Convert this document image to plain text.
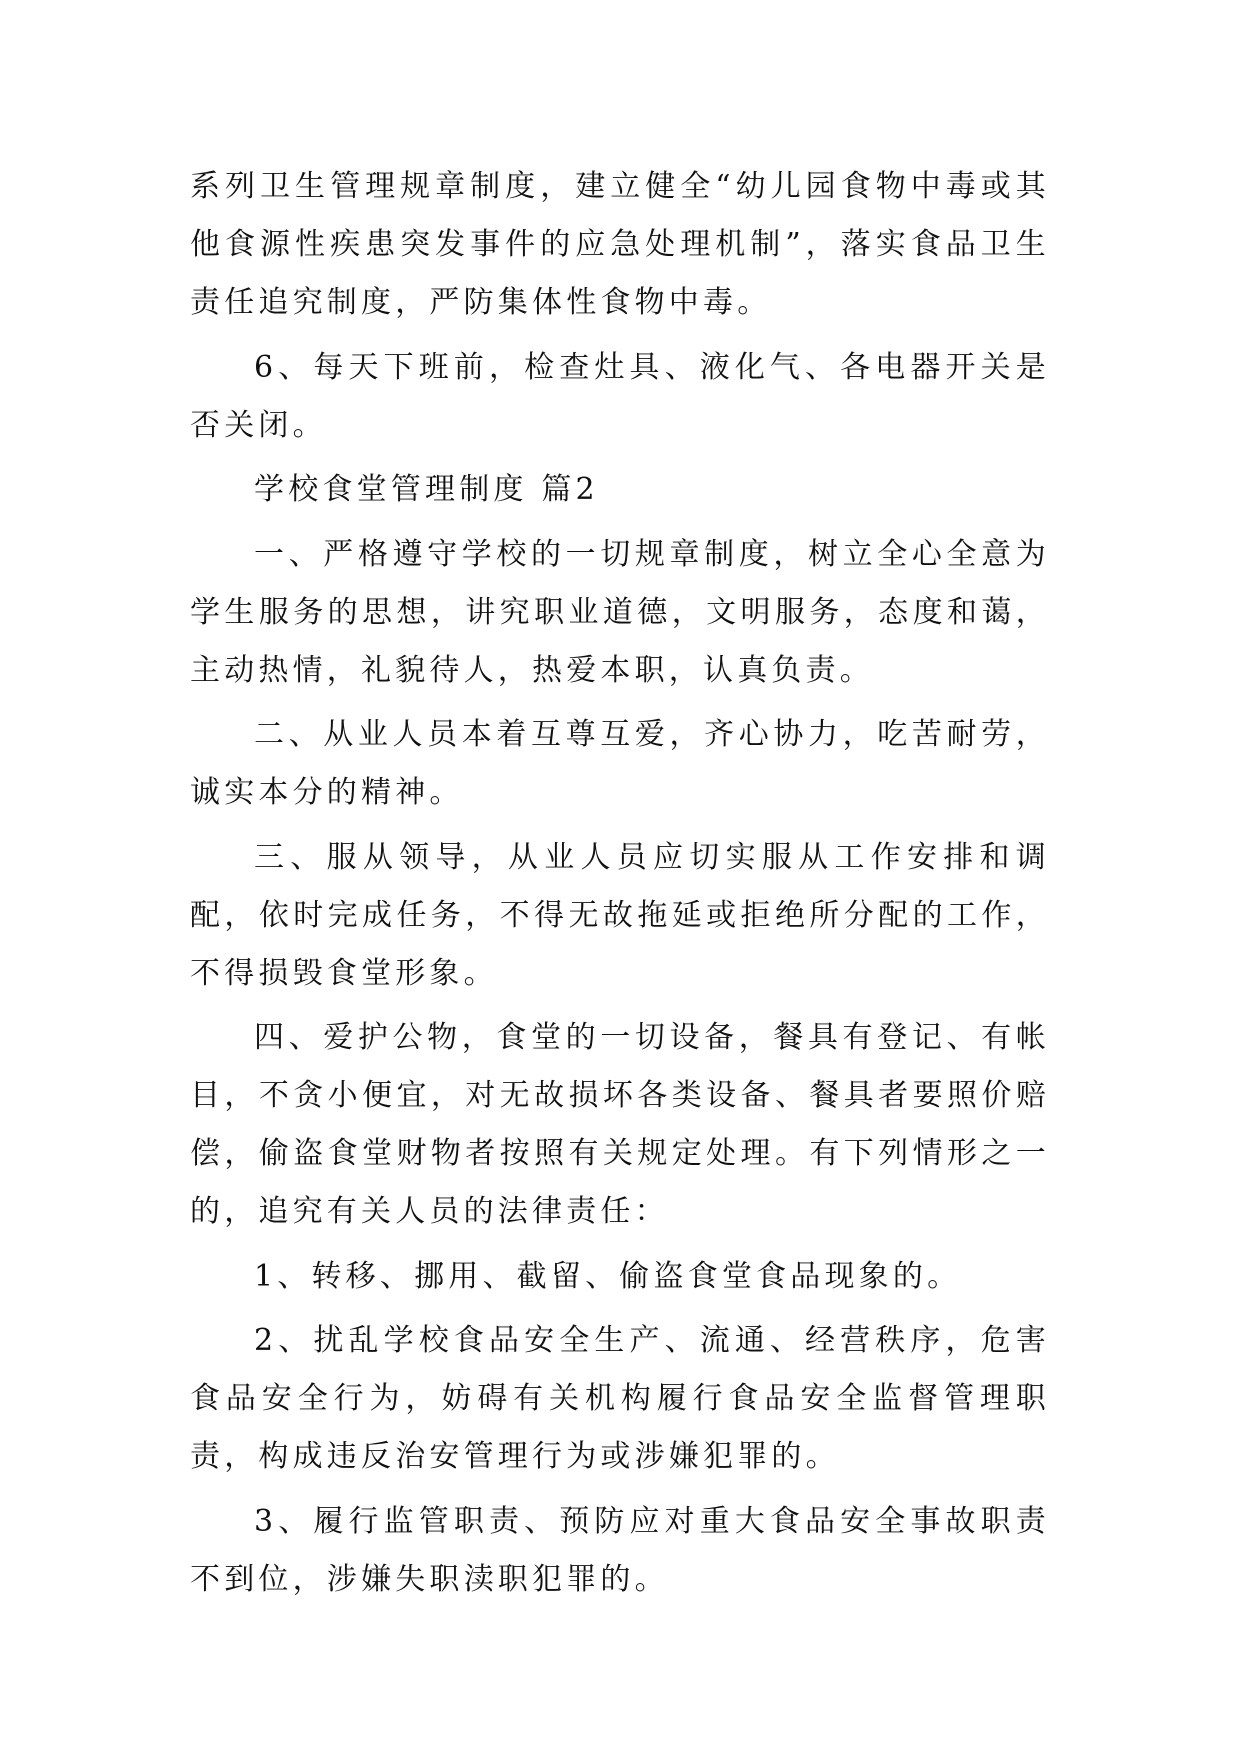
系列卫生管理规章制度，建立健全“幼儿园食物中毒或其他食源性疾患突发事件的应急处理机制”，落实食品卫生责任追究制度，严防集体性食物中毒。

6、每天下班前，检查灶具、液化气、各电器开关是否关闭。

学校食堂管理制度 篇2

一、严格遵守学校的一切规章制度，树立全心全意为学生服务的思想，讲究职业道德，文明服务，态度和蔼，主动热情，礼貌待人，热爱本职，认真负责。

二、从业人员本着互尊互爱，齐心协力，吃苦耐劳，诚实本分的精神。

三、服从领导，从业人员应切实服从工作安排和调配，依时完成任务，不得无故拖延或拒绝所分配的工作，不得损毁食堂形象。

四、爱护公物，食堂的一切设备，餐具有登记、有帐目，不贪小便宜，对无故损坏各类设备、餐具者要照价赔偿，偷盗食堂财物者按照有关规定处理。有下列情形之一的，追究有关人员的法律责任：

1、转移、挪用、截留、偷盗食堂食品现象的。

2、扰乱学校食品安全生产、流通、经营秩序，危害食品安全行为，妨碍有关机构履行食品安全监督管理职责，构成违反治安管理行为或涉嫌犯罪的。

3、履行监管职责、预防应对重大食品安全事故职责不到位，涉嫌失职渎职犯罪的。
